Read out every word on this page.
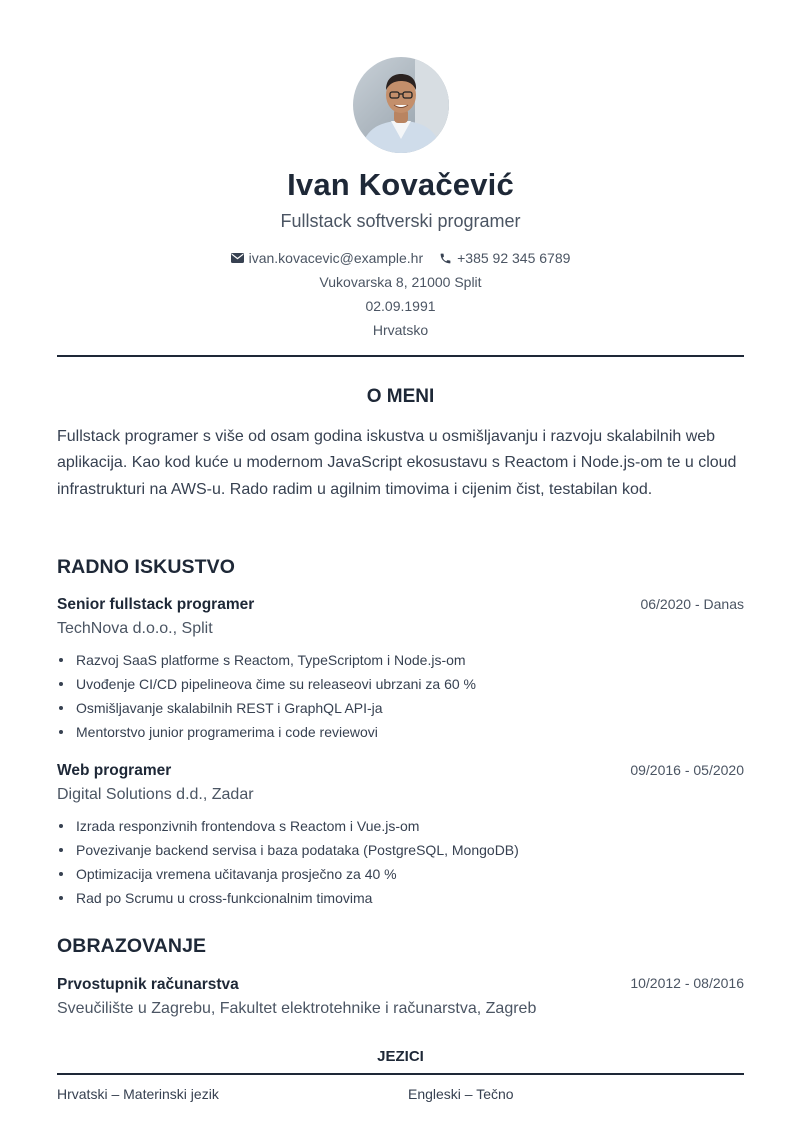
Ivan Kovačević
Fullstack softverski programer
ivan.kovacevic@example.hr +385 92 345 6789
Vukovarska 8, 21000 Split
02.09.1991
Hrvatsko
O MENI
Fullstack programer s više od osam godina iskustva u osmišljavanju i razvoju skalabilnih web aplikacija. Kao kod kuće u modernom JavaScript ekosustavu s Reactom i Node.js-om te u cloud infrastrukturi na AWS-u. Rado radim u agilnim timovima i cijenim čist, testabilan kod.
RADNO ISKUSTVO
Senior fullstack programer	06/2020 - Danas
TechNova d.o.o., Split
Razvoj SaaS platforme s Reactom, TypeScriptom i Node.js-om
Uvođenje CI/CD pipelineova čime su releaseovi ubrzani za 60 %
Osmišljavanje skalabilnih REST i GraphQL API-ja
Mentorstvo junior programerima i code reviewovi
Web programer	09/2016 - 05/2020
Digital Solutions d.d., Zadar
Izrada responzivnih frontendova s Reactom i Vue.js-om
Povezivanje backend servisa i baza podataka (PostgreSQL, MongoDB)
Optimizacija vremena učitavanja prosječno za 40 %
Rad po Scrumu u cross-funkcionalnim timovima
OBRAZOVANJE
Prvostupnik računarstva	10/2012 - 08/2016
Sveučilište u Zagrebu, Fakultet elektrotehnike i računarstva, Zagreb
JEZICI
Hrvatski – Materinski jezik	Engleski – Tečno
